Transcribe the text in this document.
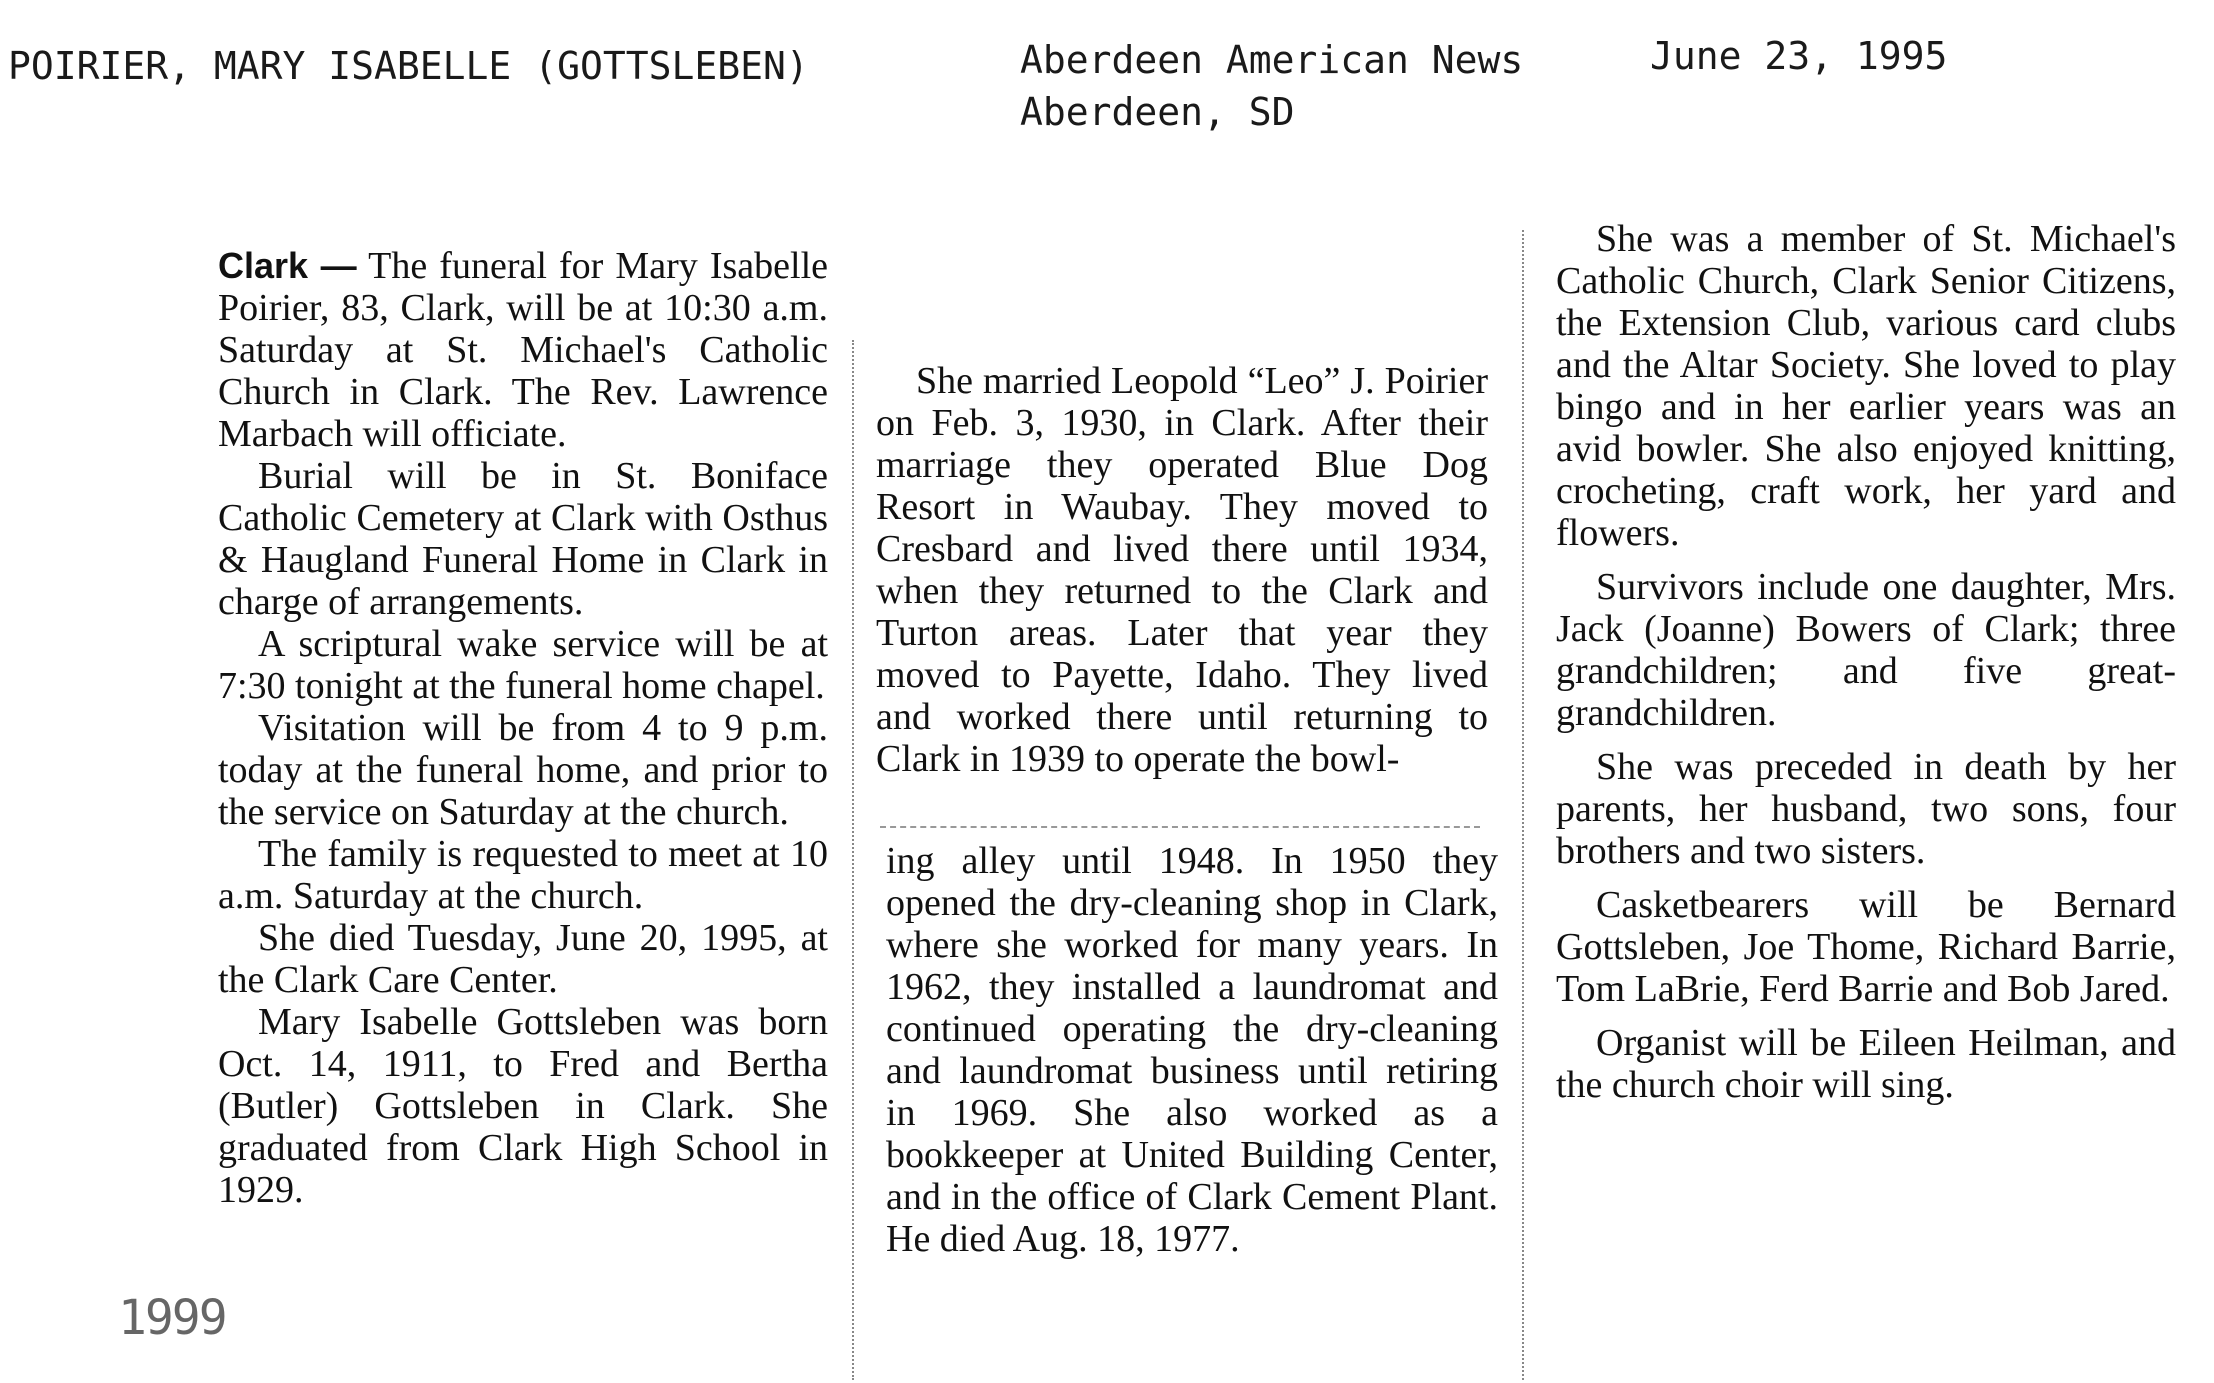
POIRIER, MARY ISABELLE (GOTTSLEBEN)	Aberdeen American News	June 23, 1995
Aberdeen, SD

Clark — The funeral for Mary Isabelle Poirier, 83, Clark, will be at 10:30 a.m. Saturday at St. Michael's Catholic Church in Clark. The Rev. Lawrence Marbach will officiate.

Burial will be in St. Boniface Catholic Cemetery at Clark with Osthus & Haugland Funeral Home in Clark in charge of arrangements.

A scriptural wake service will be at 7:30 tonight at the funeral home chapel.

Visitation will be from 4 to 9 p.m. today at the funeral home, and prior to the service on Saturday at the church.

The family is requested to meet at 10 a.m. Saturday at the church.

She died Tuesday, June 20, 1995, at the Clark Care Center.

Mary Isabelle Gottsleben was born Oct. 14, 1911, to Fred and Bertha (Butler) Gottsleben in Clark. She graduated from Clark High School in 1929.

She married Leopold “Leo” J. Poirier on Feb. 3, 1930, in Clark. After their marriage they operated Blue Dog Resort in Waubay. They moved to Cresbard and lived there until 1934, when they returned to the Clark and Turton areas. Later that year they moved to Payette, Idaho. They lived and worked there until returning to Clark in 1939 to operate the bowl-

ing alley until 1948. In 1950 they opened the dry-cleaning shop in Clark, where she worked for many years. In 1962, they installed a laundromat and continued operating the dry-cleaning and laundromat business until retiring in 1969. She also worked as a bookkeeper at United Building Center, and in the office of Clark Cement Plant. He died Aug. 18, 1977.

She was a member of St. Michael's Catholic Church, Clark Senior Citizens, the Extension Club, various card clubs and the Altar Society. She loved to play bingo and in her earlier years was an avid bowler. She also enjoyed knitting, crocheting, craft work, her yard and flowers.

Survivors include one daughter, Mrs. Jack (Joanne) Bowers of Clark; three grandchildren; and five great-grandchildren.

She was preceded in death by her parents, her husband, two sons, four brothers and two sisters.

Casketbearers will be Bernard Gottsleben, Joe Thome, Richard Barrie, Tom LaBrie, Ferd Barrie and Bob Jared.

Organist will be Eileen Heilman, and the church choir will sing.

1999
